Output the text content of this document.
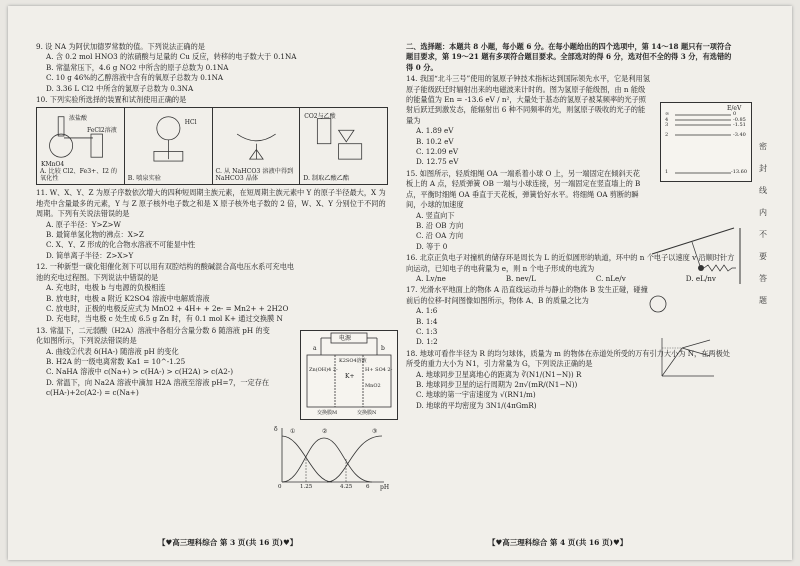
9. 设 NA 为阿伏加德罗常数的值。下列说法正确的是
A. 含 0.2 mol HNO3 的浓硝酸与足量的 Cu 反应，转移的电子数大于 0.1NA
B. 常温常压下，4.6 g NO2 中所含的原子总数为 0.1NA
C. 10 g 46%的乙醇溶液中含有的氧原子总数为 0.1NA
D. 3.36 L Cl2 中所含的氯原子总数为 0.3NA
10. 下列实验所选择的装置和试剂使用正确的是
浓盐酸
FeCl2溶液
KMnO4
A. 比较 Cl2、Fe3+、I2 的氧化性
HCl
B. 喷泉实验
C. 从 NaHCO3 溶液中得到 NaHCO3 晶体
CO2与乙酸
D. 制取乙酸乙酯
11. W、X、Y、Z 为原子序数依次增大的四种短周期主族元素，在短周期主族元素中 Y 的原子半径最大，X 为地壳中含量最多的元素，Y 与 Z 原子核外电子数之和是 X 原子核外电子数的 2 倍，W、X、Y 分别位于不同的周期。下列有关说法错误的是
A. 原子半径：Y>Z>W
B. 最简单氢化物的沸点：X>Z
C. X、Y、Z 形成的化合物水溶液不可能显中性
D. 简单离子半径：Z>X>Y
12. 一种新型一碳化钼催化剂下可以用有双腔结构的酸碱混合高电压水系可充电电池的充电过程图。下列说法中错误的是
A. 充电时，电极 b 与电源的负极相连
B. 放电时，电极 a 附近 K2SO4 溶液中电解质溶液
C. 放电时，正极的电极反应式为 MnO2 + 4H+ + 2e- = Mn2+ + 2H2O
D. 充电时，当电极 c 处生成 6.5 g Zn 时，有 0.1 mol K+ 通过交换膜 N
13. 常温下，二元弱酸（H2A）溶液中各组分含量分数 δ 随溶液 pH 的变化如图所示，下列说法错误的是
A. 曲线②代表 δ(HA-) 随溶液 pH 的变化
B. H2A 的一级电离常数 Ka1 = 10^-1.25
C. NaHA 溶液中 c(Na+) > c(HA-) > c(H2A) > c(A2-)
D. 常温下，向 Na2A 溶液中滴加 H2A 溶液至溶液 pH=7，一定存在 c(HA-)+2c(A2-) = c(Na+)
电源
a	b
Zn(OH)4 2-
K+
H+ SO4 2-
MnO2
K2SO4溶液
交换膜M	交换膜N
δ
pH
0	1.25	4.25	6
①	②	③
二、选择题：本题共 8 小题，每小题 6 分。在每小题给出的四个选项中，第 14～18 题只有一项符合题目要求，第 19～21 题有多项符合题目要求。全部选对的得 6 分，选对但不全的得 3 分，有选错的得 0 分。
14. 我国“北斗三号”使用的氢原子钟技术指标达到国际领先水平，它是利用氢原子能级跃迁时辐射出来的电磁波来计时的。图为氢原子能级图，由 n 能级的能量值为 En = -13.6 eV / n²，大量处于基态的氢原子被某频率的光子照射后跃迁到激发态，能辐射出 6 种不同频率的光，则氢原子吸收的光子的能量为
A. 1.89 eV
B. 10.2 eV
C. 12.09 eV
D. 12.75 eV
15. 如图所示，轻质细绳 OA 一端系着小球 O 上，另一端固定在倾斜天花板上的 A 点，轻质弹簧 OB 一端与小球连接，另一端固定在竖直墙上的 B 点，平衡时细绳 OA 垂直于天花板，弹簧恰好水平。将细绳 OA 剪断的瞬间，小球的加速度
A. 竖直向下
B. 沿 OB 方向
C. 沿 OA 方向
D. 等于 0
16. 北京正负电子对撞机的储存环是周长为 L 的近似圆形的轨道，环中的 n 个电子以速度 v 沿顺时针方向运动，已知电子的电荷量为 e，则 n 个电子形成的电流为
A. Lv/ne	B. nev/L	C. nLe/v	D. eL/nv
17. 光滑水平地面上的物体 A 沿直线运动并与静止的物体 B 发生正碰，碰撞前后的位移-时间图像如图所示，物体 A、B 的质量之比为
A. 1:6
B. 1:4
C. 1:3
D. 1:2
18. 地球可看作半径为 R 的均匀球体，质量为 m 的物体在赤道处所受的万有引力大小为 N，在两极处所受的重力大小为 N1，引力常量为 G，下列说法正确的是
A. 地球同步卫星离地心的距离为 ∛(N1/(N1−N)) R
B. 地球同步卫星的运行周期为 2π√(mR/(N1−N))
C. 地球的第一宇宙速度为 √(RN1/m)
D. 地球的平均密度为 3N1/(4πGmR)
E/eV
∞	0
4	-0.85
3	-1.51
2	-3.40
1	-13.60
密
封
线
内
不
要
答
题
【♥高三理科综合 第 3 页(共 16 页)♥】	【♥高三理科综合 第 4 页(共 16 页)♥】
